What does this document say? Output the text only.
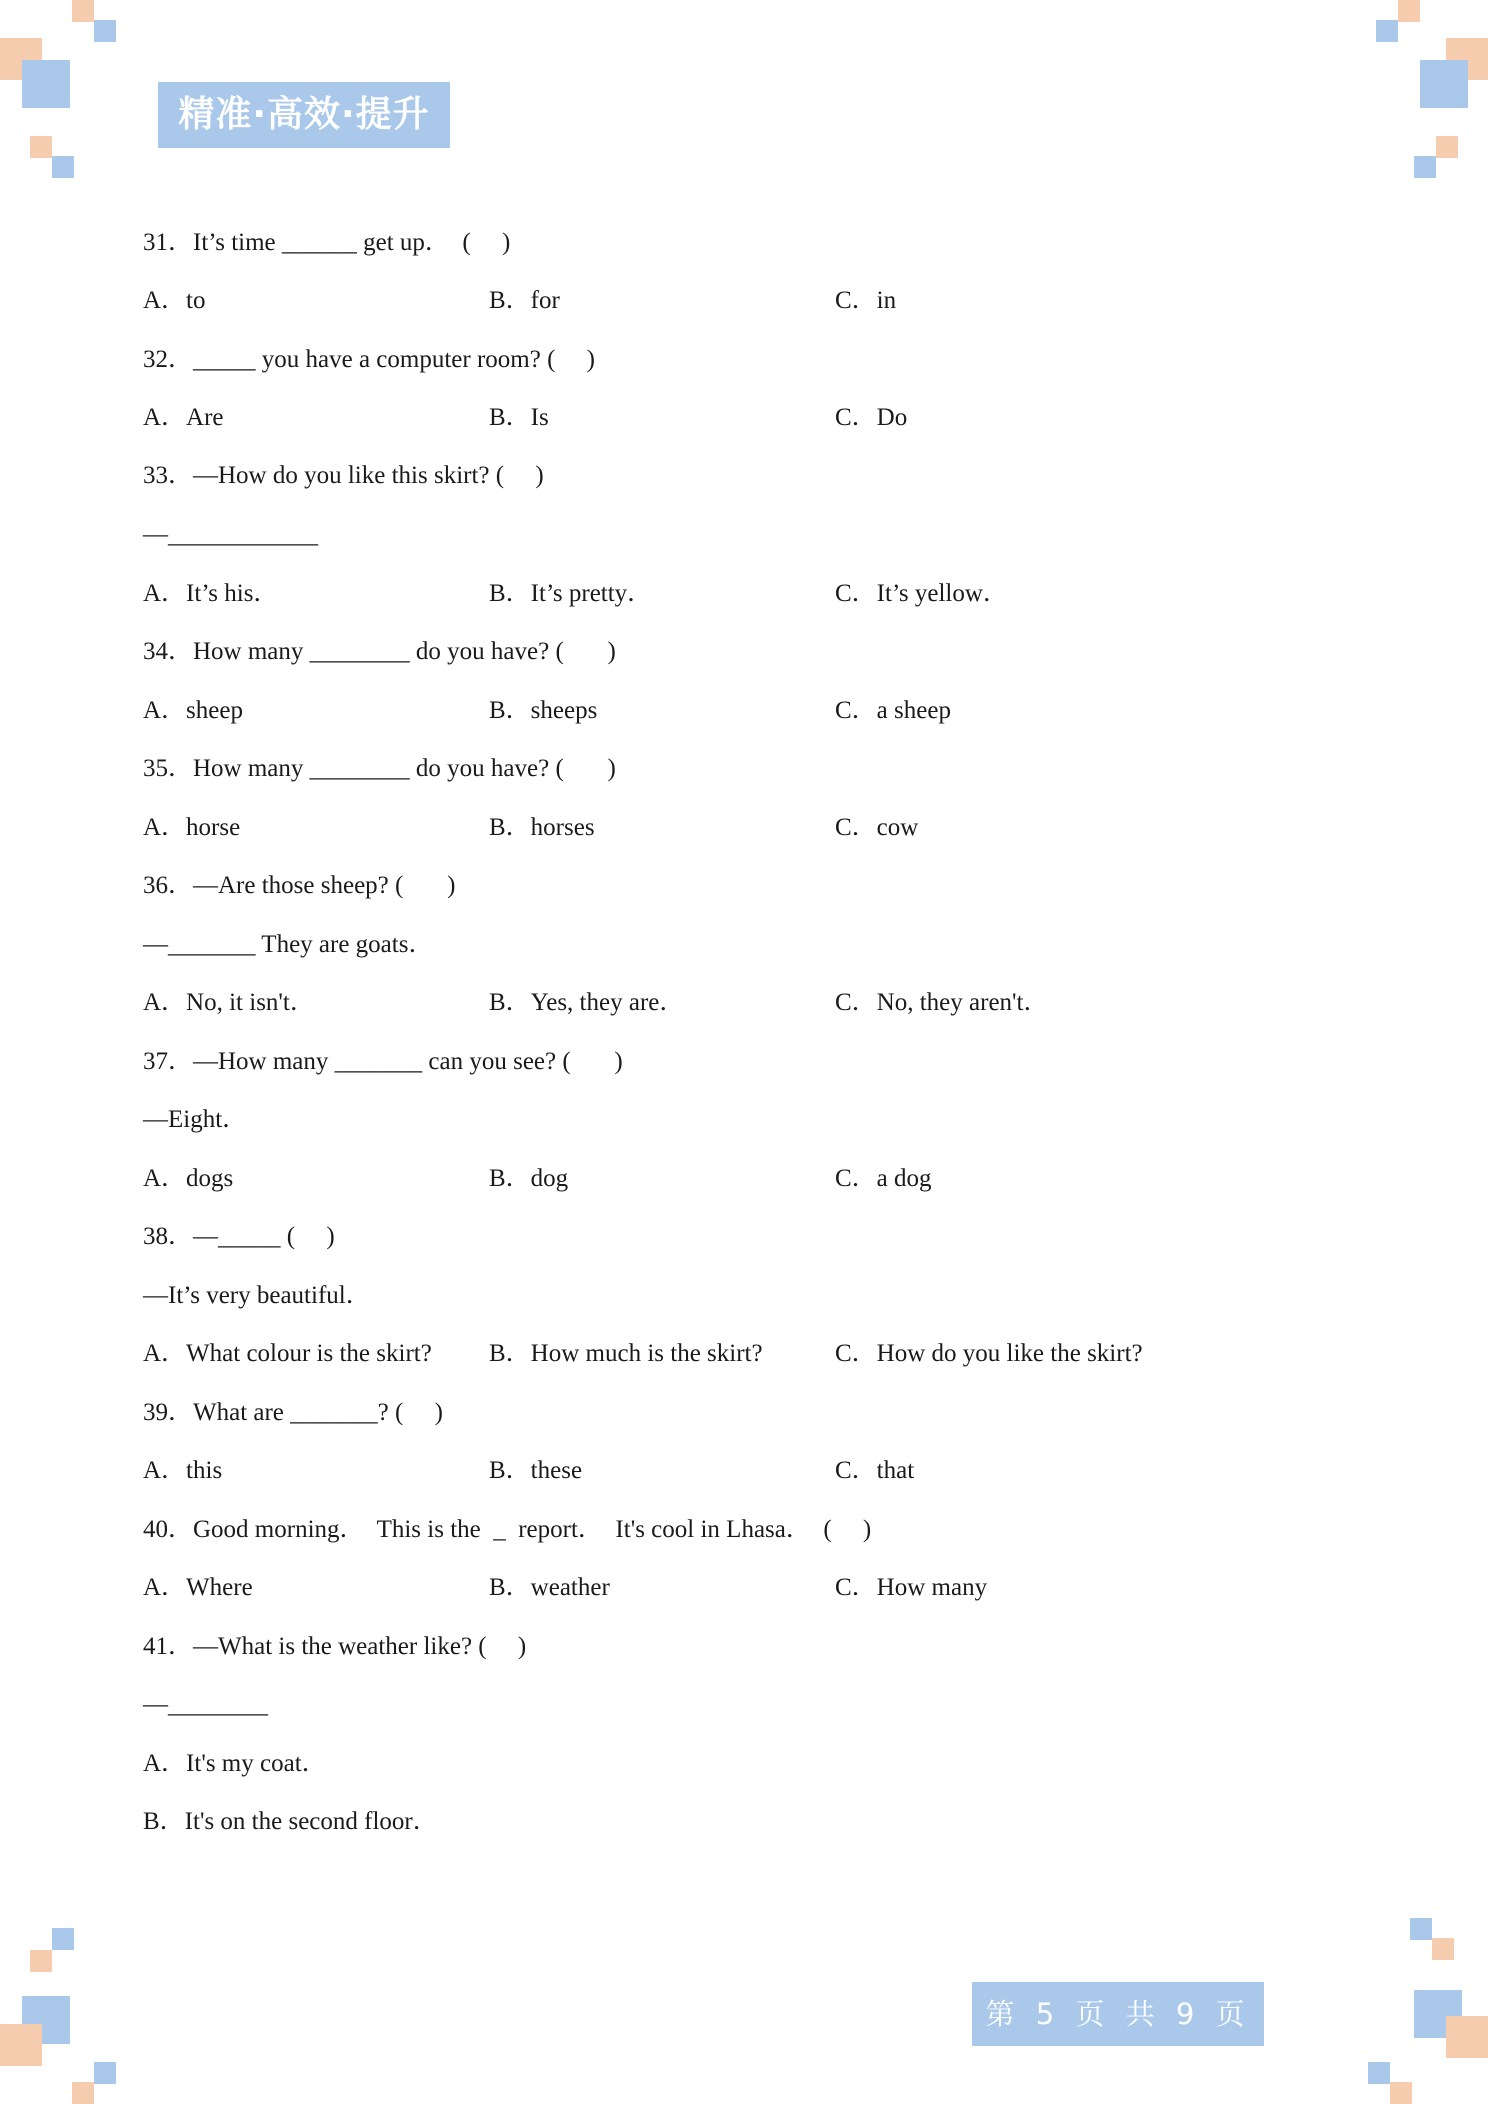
精准·高效·提升
31．It’s time ______ get up．  (     )
A．to	B．for	C．in
32．_____ you have a computer room? (     )
A．Are	B．Is	C．Do
33．—How do you like this skirt? (     )
—____________
A．It’s his．	B．It’s pretty．	C．It’s yellow．
34．How many ________ do you have? (       )
A．sheep	B．sheeps	C．a sheep
35．How many ________ do you have? (       )
A．horse	B．horses	C．cow
36．—Are those sheep? (       )
—_______ They are goats．
A．No, it isn't．	B．Yes, they are．	C．No, they aren't．
37．—How many _______ can you see? (       )
—Eight．
A．dogs	B．dog	C．a dog
38．—_____ (     )
—It’s very beautiful．
A．What colour is the skirt? B．How much is the skirt?	C．How do you like the skirt?
39．What are _______? (     )
A．this	B．these	C．that
40．Good morning．  This is the  _  report．  It's cool in Lhasa．  (     )
A．Where	B．weather	C．How many
41．—What is the weather like? (     )
—________
A．It's my coat．
B．It's on the second floor．
第 5 页 共 9 页
